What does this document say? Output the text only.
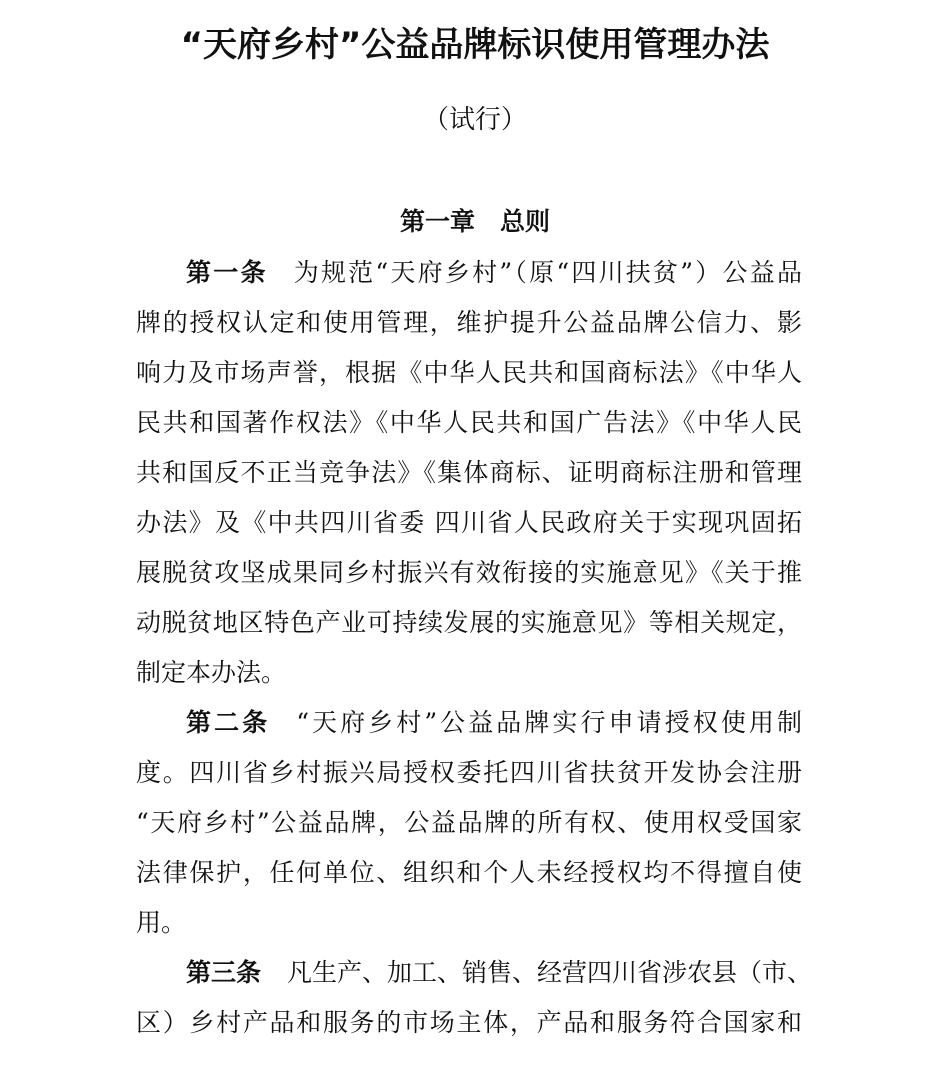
“天府乡村”公益品牌标识使用管理办法
（试行）
第一章　总则
第一条 为规范“天府乡村”（原“四川扶贫”）公益品
牌的授权认定和使用管理，维护提升公益品牌公信力、影
响力及市场声誉，根据《中华人民共和国商标法》《中华人
民共和国著作权法》《中华人民共和国广告法》《中华人民
共和国反不正当竞争法》《集体商标、证明商标注册和管理
办法》及《中共四川省委 四川省人民政府关于实现巩固拓
展脱贫攻坚成果同乡村振兴有效衔接的实施意见》《关于推
动脱贫地区特色产业可持续发展的实施意见》等相关规定，
制定本办法。
第二条 “天府乡村”公益品牌实行申请授权使用制
度。四川省乡村振兴局授权委托四川省扶贫开发协会注册
“天府乡村”公益品牌，公益品牌的所有权、使用权受国家
法律保护，任何单位、组织和个人未经授权均不得擅自使
用。
第三条 凡生产、加工、销售、经营四川省涉农县（市、
区）乡村产品和服务的市场主体，产品和服务符合国家和
